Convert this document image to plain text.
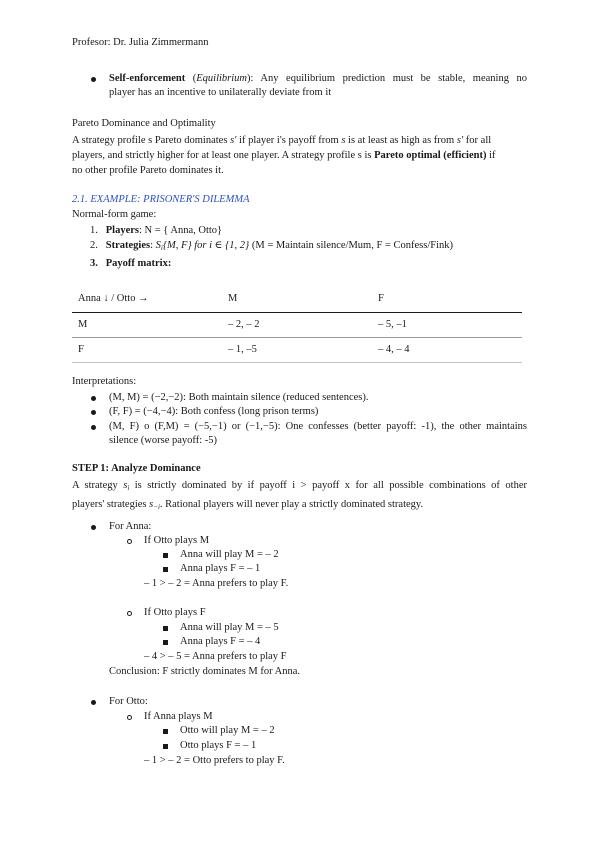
Profesor: Dr. Julia Zimmermann
Self-enforcement (Equilibrium): Any equilibrium prediction must be stable, meaning no
player has an incentive to unilaterally deviate from it
Pareto Dominance and Optimality
A strategy profile s Pareto dominates s' if player i's payoff from s is at least as high as from s' for all
players, and strictly higher for at least one player. A strategy profile s is Pareto optimal (efficient) if
no other profile Pareto dominates it.
2.1. EXAMPLE: PRISONER'S DILEMMA
Normal-form game:
1. Players: N = { Anna, Otto}
2. Strategies: $S_i\{M$, F} for i ∈ {1, 2} (M = Maintain silence/Mum, F = Confess/Fink)
3. Payoff matrix:
Anna ↓ / Otto →	M	F
M	– 2, – 2	– 5, –1
F	– 1, –5	– 4, – 4
Interpretations:
(M, M) = (−2,−2): Both maintain silence (reduced sentences).
(F, F) = (−4,−4): Both confess (long prison terms)
(M, F) o (F,M) = (−5,−1) or (−1,−5): One confesses (better payoff: -1), the other maintains
silence (worse payoff: -5)
STEP 1: Analyze Dominance
A strategy $s_i$ is strictly dominated by if payoff i > payoff x for all possible combinations of other
players' strategies $s_{-i}$. Rational players will never play a strictly dominated strategy.
For Anna:
If Otto plays M
Anna will play M = – 2
Anna plays F = – 1
– 1 > – 2 = Anna prefers to play F.
If Otto plays F
Anna will play M = – 5
Anna plays F = – 4
– 4 > – 5 = Anna prefers to play F
Conclusion: F strictly dominates M for Anna.
For Otto:
If Anna plays M
Otto will play M = – 2
Otto plays F = – 1
– 1 > – 2 = Otto prefers to play F.
